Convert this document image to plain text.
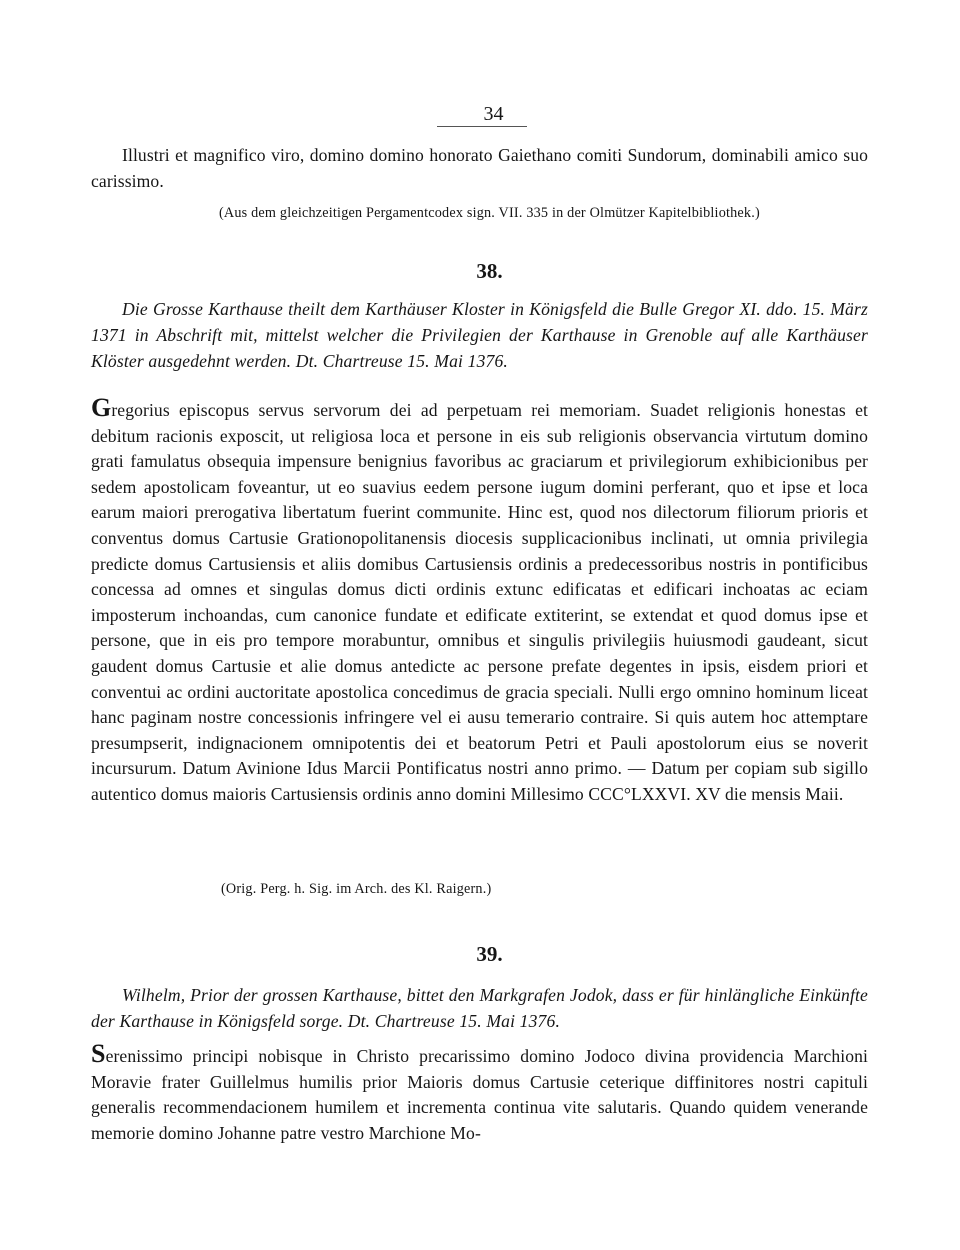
34

Illustri et magnifico viro, domino domino honorato Gaiethano comiti Sundorum, dominabili amico suo carissimo.

(Aus dem gleichzeitigen Pergamentcodex sign. VII. 335 in der Olmützer Kapitelbibliothek.)
38.

Die Grosse Karthause theilt dem Karthäuser Kloster in Königsfeld die Bulle Gregor XI. ddo. 15. März 1371 in Abschrift mit, mittelst welcher die Privilegien der Karthause in Grenoble auf alle Karthäuser Klöster ausgedehnt werden. Dt. Chartreuse 15. Mai 1376.

Gregorius episcopus servus servorum dei ad perpetuam rei memoriam. Suadet religionis honestas et debitum racionis exposcit, ut religiosa loca et persone in eis sub religionis observancia virtutum domino grati famulatus obsequia impensure benignius favoribus ac graciarum et privilegiorum exhibicionibus per sedem apostolicam foveantur, ut eo suavius eedem persone iugum domini perferant, quo et ipse et loca earum maiori prerogativa libertatum fuerint communite. Hinc est, quod nos dilectorum filiorum prioris et conventus domus Cartusie Grationopolitanensis diocesis supplicacionibus inclinati, ut omnia privilegia predicte domus Cartusiensis et aliis domibus Cartusiensis ordinis a predecessoribus nostris in pontificibus concessa ad omnes et singulas domus dicti ordinis extunc edificatas et edificari inchoatas ac eciam imposterum inchoandas, cum canonice fundate et edificate extiterint, se extendat et quod domus ipse et persone, que in eis pro tempore morabuntur, omnibus et singulis privilegiis huiusmodi gaudeant, sicut gaudent domus Cartusie et alie domus antedicte ac persone prefate degentes in ipsis, eisdem priori et conventui ac ordini auctoritate apostolica concedimus de gracia speciali. Nulli ergo omnino hominum liceat hanc paginam nostre concessionis infringere vel ei ausu temerario contraire. Si quis autem hoc attemptare presumpserit, indignacionem omnipotentis dei et beatorum Petri et Pauli apostolorum eius se noverit incursurum. Datum Avinione Idus Marcii Pontificatus nostri anno primo. — Datum per copiam sub sigillo autentico domus maioris Cartusiensis ordinis anno domini Millesimo CCC°LXXVI. XV die mensis Maii.

(Orig. Perg. h. Sig. im Arch. des Kl. Raigern.)
39.

Wilhelm, Prior der grossen Karthause, bittet den Markgrafen Jodok, dass er für hinlängliche Einkünfte der Karthause in Königsfeld sorge. Dt. Chartreuse 15. Mai 1376.

Serenissimo principi nobisque in Christo precarissimo domino Jodoco divina providencia Marchioni Moravie frater Guillelmus humilis prior Maioris domus Cartusie ceterique diffinitores nostri capituli generalis recommendacionem humilem et incrementa continua vite salutaris. Quando quidem venerande memorie domino Johanne patre vestro Marchione Mo-
